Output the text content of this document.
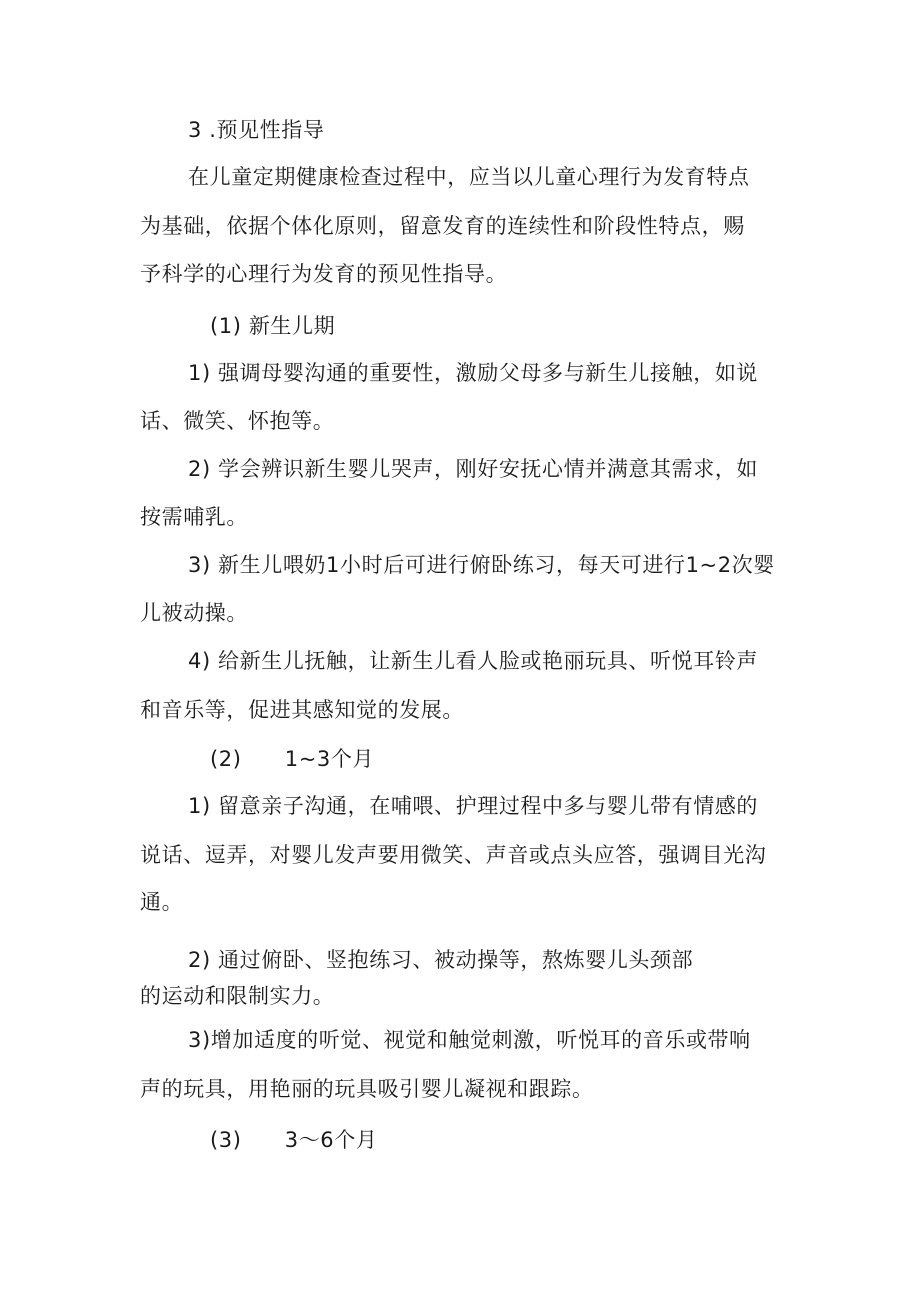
3 .预见性指导
在儿童定期健康检查过程中，应当以儿童心理行为发育特点
为基础，依据个体化原则，留意发育的连续性和阶段性特点，赐
予科学的心理行为发育的预见性指导。
(1) 新生儿期
1) 强调母婴沟通的重要性，激励父母多与新生儿接触，如说
话、微笑、怀抱等。
2) 学会辨识新生婴儿哭声，刚好安抚心情并满意其需求，如
按需哺乳。
3) 新生儿喂奶1小时后可进行俯卧练习，每天可进行1~2次婴
儿被动操。
4) 给新生儿抚触，让新生儿看人脸或艳丽玩具、听悦耳铃声
和音乐等，促进其感知觉的发展。
(2)　　1~3个月
1) 留意亲子沟通，在哺喂、护理过程中多与婴儿带有情感的
说话、逗弄，对婴儿发声要用微笑、声音或点头应答，强调目光沟
通。
2) 通过俯卧、竖抱练习、被动操等，熬炼婴儿头颈部
的运动和限制实力。
3)增加适度的听觉、视觉和触觉刺激，听悦耳的音乐或带响
声的玩具，用艳丽的玩具吸引婴儿凝视和跟踪。
(3)　　3〜6个月
